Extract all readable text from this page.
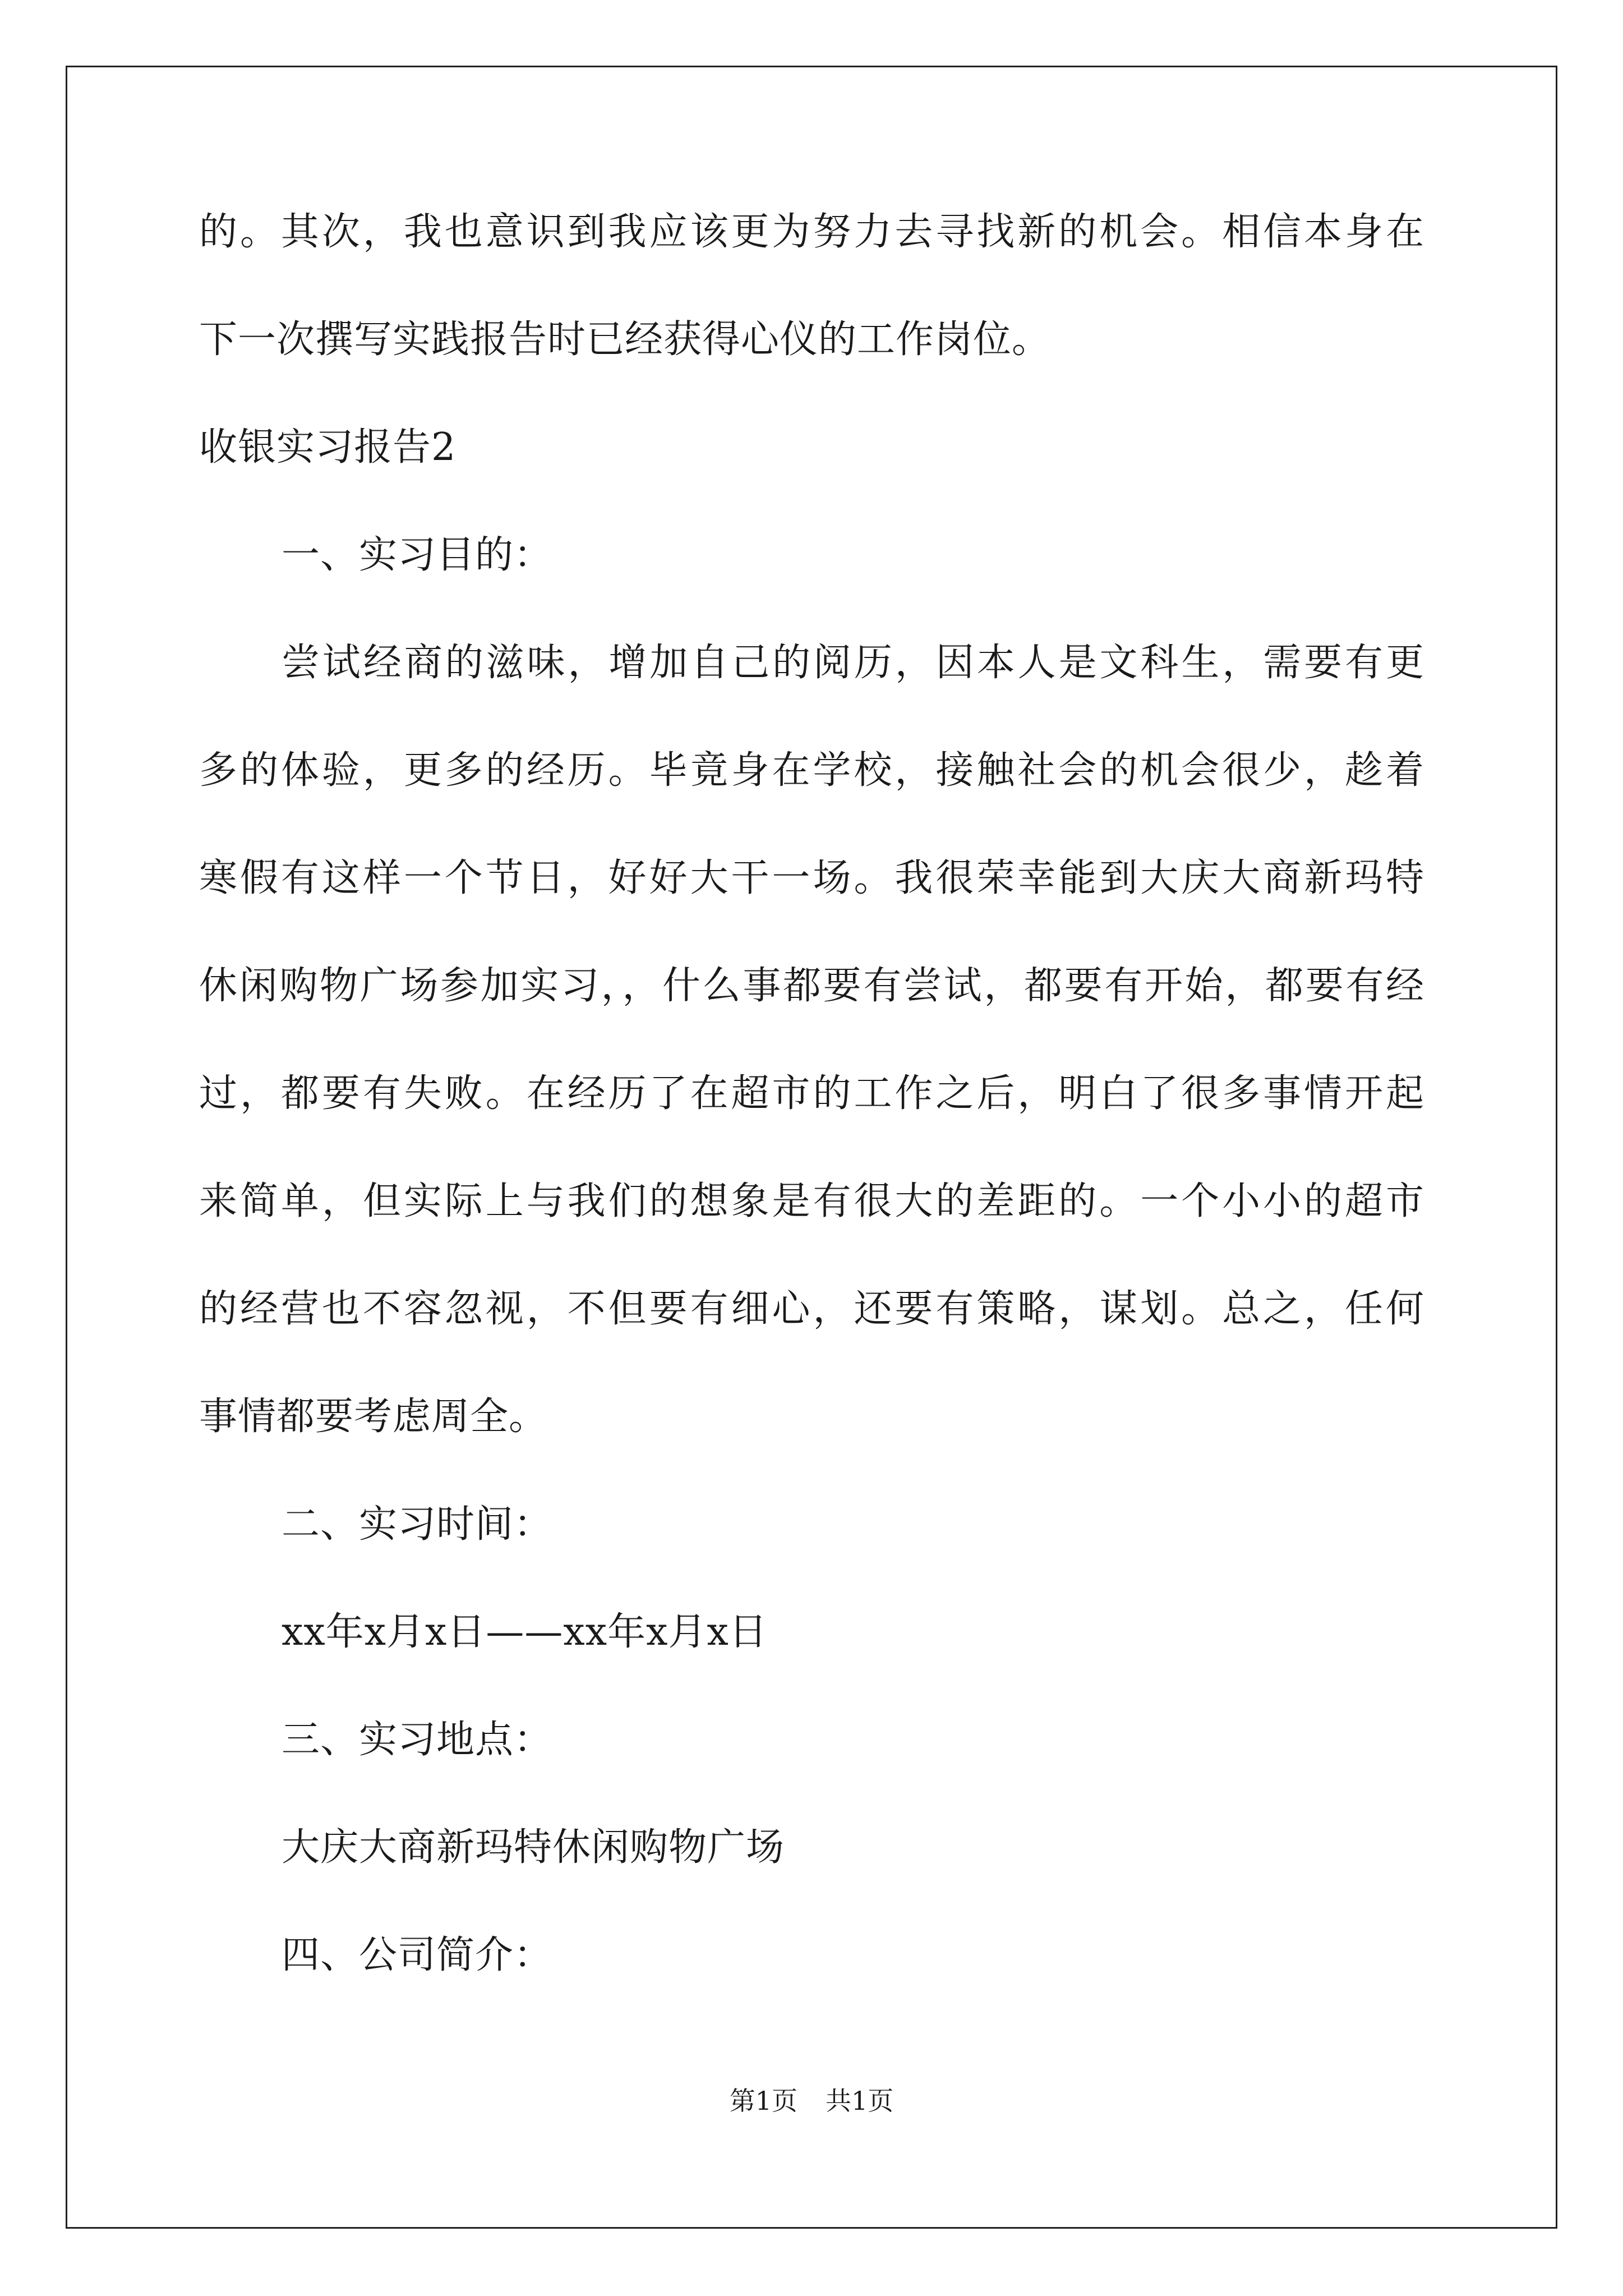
的。其次，我也意识到我应该更为努力去寻找新的机会。相信本身在
下一次撰写实践报告时已经获得心仪的工作岗位。
收银实习报告2
一、实习目的：
尝试经商的滋味，增加自己的阅历，因本人是文科生，需要有更
多的体验，更多的经历。毕竟身在学校，接触社会的机会很少，趁着
寒假有这样一个节日，好好大干一场。我很荣幸能到大庆大商新玛特
休闲购物广场参加实习，，什么事都要有尝试，都要有开始，都要有经
过，都要有失败。在经历了在超市的工作之后，明白了很多事情开起
来简单，但实际上与我们的想象是有很大的差距的。一个小小的超市
的经营也不容忽视，不但要有细心，还要有策略，谋划。总之，任何
事情都要考虑周全。
二、实习时间：
xx年x月x日——xx年x月x日
三、实习地点：
大庆大商新玛特休闲购物广场
四、公司简介：
第1页 共1页
